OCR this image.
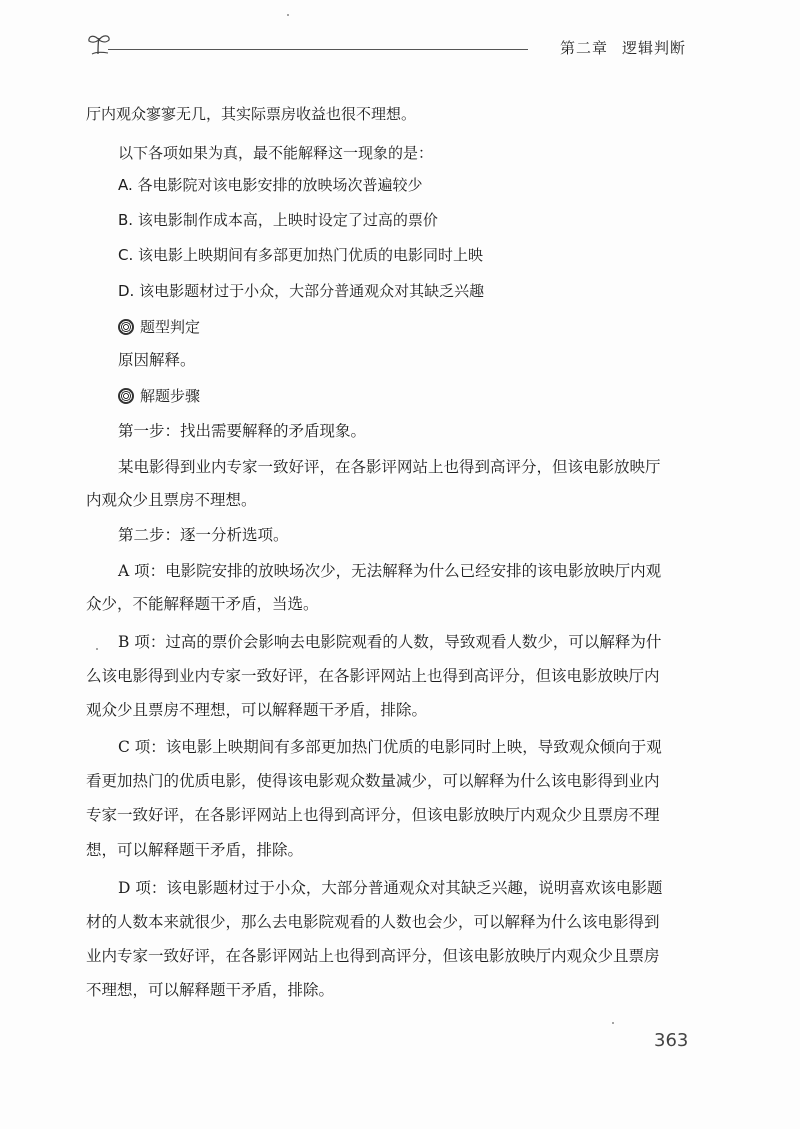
第二章 逻辑判断
厅内观众寥寥无几，其实际票房收益也很不理想。
以下各项如果为真，最不能解释这一现象的是：
A. 各电影院对该电影安排的放映场次普遍较少
B. 该电影制作成本高，上映时设定了过高的票价
C. 该电影上映期间有多部更加热门优质的电影同时上映
D. 该电影题材过于小众，大部分普通观众对其缺乏兴趣
题型判定
原因解释。
解题步骤
第一步：找出需要解释的矛盾现象。
某电影得到业内专家一致好评，在各影评网站上也得到高评分，但该电影放映厅
内观众少且票房不理想。
第二步：逐一分析选项。
A 项：电影院安排的放映场次少，无法解释为什么已经安排的该电影放映厅内观
众少，不能解释题干矛盾，当选。
B 项：过高的票价会影响去电影院观看的人数，导致观看人数少，可以解释为什
么该电影得到业内专家一致好评，在各影评网站上也得到高评分，但该电影放映厅内
观众少且票房不理想，可以解释题干矛盾，排除。
C 项：该电影上映期间有多部更加热门优质的电影同时上映，导致观众倾向于观
看更加热门的优质电影，使得该电影观众数量减少，可以解释为什么该电影得到业内
专家一致好评，在各影评网站上也得到高评分，但该电影放映厅内观众少且票房不理
想，可以解释题干矛盾，排除。
D 项：该电影题材过于小众，大部分普通观众对其缺乏兴趣，说明喜欢该电影题
材的人数本来就很少，那么去电影院观看的人数也会少，可以解释为什么该电影得到
业内专家一致好评，在各影评网站上也得到高评分，但该电影放映厅内观众少且票房
不理想，可以解释题干矛盾，排除。
363
